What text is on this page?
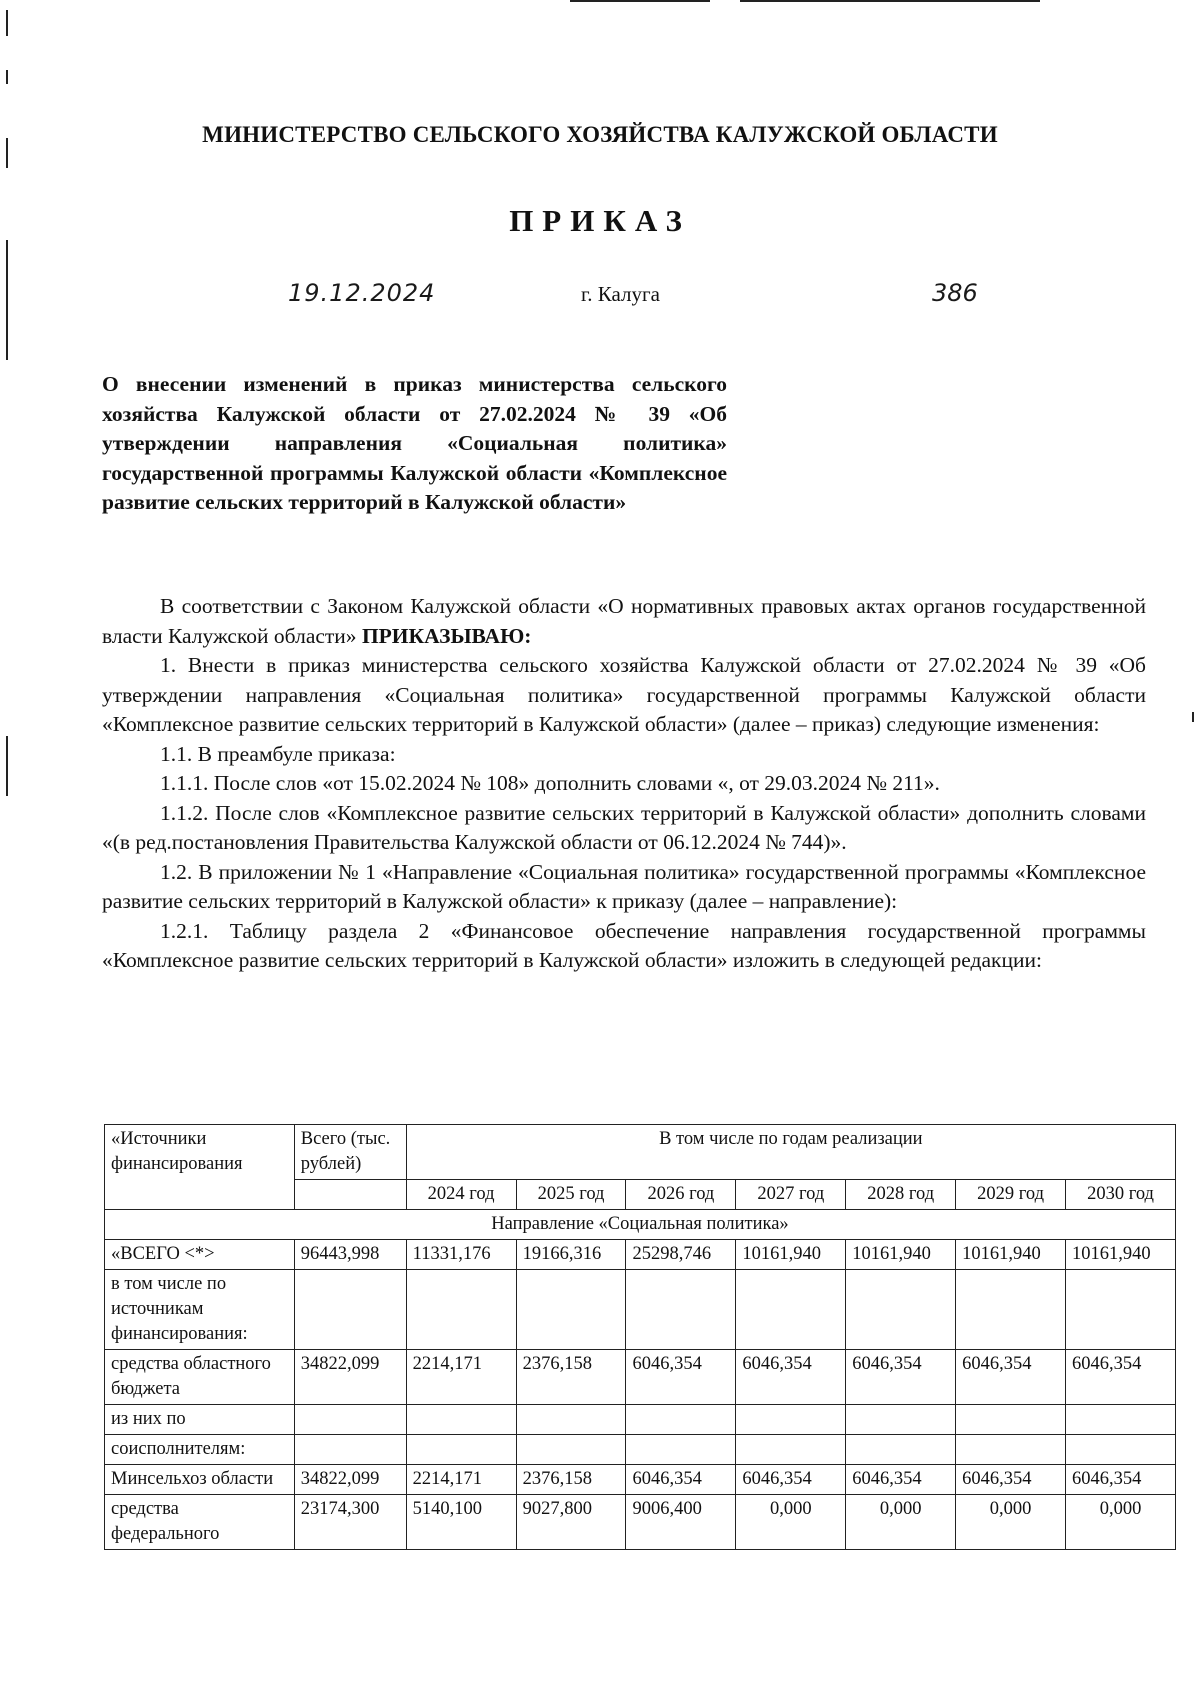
МИНИСТЕРСТВО СЕЛЬСКОГО ХОЗЯЙСТВА КАЛУЖСКОЙ ОБЛАСТИ
ПРИКАЗ
19.12.2024	г. Калуга	386
О внесении изменений в приказ министерства сельского хозяйства Калужской области от 27.02.2024 № 39 «Об утверждении направления «Социальная политика» государственной программы Калужской области «Комплексное развитие сельских территорий в Калужской области»

В соответствии с Законом Калужской области «О нормативных правовых актах органов государственной власти Калужской области» ПРИКАЗЫВАЮ:

1. Внести в приказ министерства сельского хозяйства Калужской области от 27.02.2024 № 39 «Об утверждении направления «Социальная политика» государственной программы Калужской области «Комплексное развитие сельских территорий в Калужской области» (далее – приказ) следующие изменения:

1.1. В преамбуле приказа:

1.1.1. После слов «от 15.02.2024 № 108» дополнить словами «, от 29.03.2024 № 211».

1.1.2. После слов «Комплексное развитие сельских территорий в Калужской области» дополнить словами «(в ред.постановления Правительства Калужской области от 06.12.2024 № 744)».

1.2. В приложении № 1 «Направление «Социальная политика» государственной программы «Комплексное развитие сельских территорий в Калужской области» к приказу (далее – направление):

1.2.1. Таблицу раздела 2 «Финансовое обеспечение направления государственной программы «Комплексное развитие сельских территорий в Калужской области» изложить в следующей редакции:

«Источники финансирования	Всего (тыс. рублей)	В том числе по годам реализации						
		2024 год	2025 год	2026 год	2027 год	2028 год	2029 год	2030 год
Направление «Социальная политика»								
«ВСЕГО <*>	96443,998	11331,176	19166,316	25298,746	10161,940	10161,940	10161,940	10161,940
в том числе по источникам финансирования:								
средства областного бюджета	34822,099	2214,171	2376,158	6046,354	6046,354	6046,354	6046,354	6046,354
из них по								
соисполнителям:								
Минсельхоз области	34822,099	2214,171	2376,158	6046,354	6046,354	6046,354	6046,354	6046,354
средства федерального	23174,300	5140,100	9027,800	9006,400	0,000	0,000	0,000	0,000
